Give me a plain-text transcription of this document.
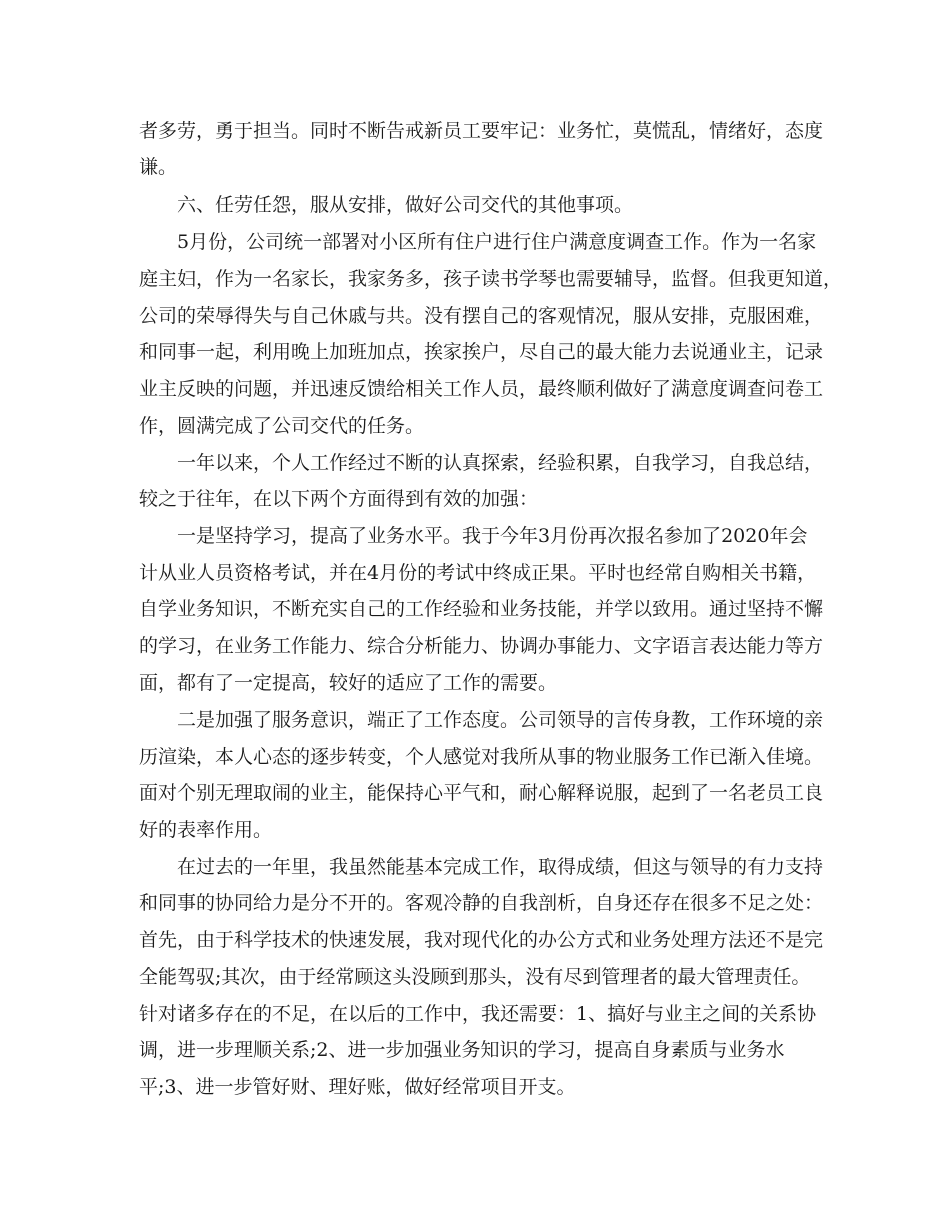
者多劳，勇于担当。同时不断告戒新员工要牢记：业务忙，莫慌乱，情绪好，态度
谦。
六、任劳任怨，服从安排，做好公司交代的其他事项。
5月份，公司统一部署对小区所有住户进行住户满意度调查工作。作为一名家
庭主妇，作为一名家长，我家务多，孩子读书学琴也需要辅导，监督。但我更知道，
公司的荣辱得失与自己休戚与共。没有摆自己的客观情况，服从安排，克服困难，
和同事一起，利用晚上加班加点，挨家挨户，尽自己的最大能力去说通业主，记录
业主反映的问题，并迅速反馈给相关工作人员，最终顺利做好了满意度调查问卷工
作，圆满完成了公司交代的任务。
一年以来，个人工作经过不断的认真探索，经验积累，自我学习，自我总结，
较之于往年，在以下两个方面得到有效的加强：
一是坚持学习，提高了业务水平。我于今年3月份再次报名参加了2020年会
计从业人员资格考试，并在4月份的考试中终成正果。平时也经常自购相关书籍，
自学业务知识，不断充实自己的工作经验和业务技能，并学以致用。通过坚持不懈
的学习，在业务工作能力、综合分析能力、协调办事能力、文字语言表达能力等方
面，都有了一定提高，较好的适应了工作的需要。
二是加强了服务意识，端正了工作态度。公司领导的言传身教，工作环境的亲
历渲染，本人心态的逐步转变，个人感觉对我所从事的物业服务工作已渐入佳境。
面对个别无理取闹的业主，能保持心平气和，耐心解释说服，起到了一名老员工良
好的表率作用。
在过去的一年里，我虽然能基本完成工作，取得成绩，但这与领导的有力支持
和同事的协同给力是分不开的。客观冷静的自我剖析，自身还存在很多不足之处：
首先，由于科学技术的快速发展，我对现代化的办公方式和业务处理方法还不是完
全能驾驭;其次，由于经常顾这头没顾到那头，没有尽到管理者的最大管理责任。
针对诸多存在的不足，在以后的工作中，我还需要：1、搞好与业主之间的关系协
调，进一步理顺关系;2、进一步加强业务知识的学习，提高自身素质与业务水
平;3、进一步管好财、理好账，做好经常项目开支。
